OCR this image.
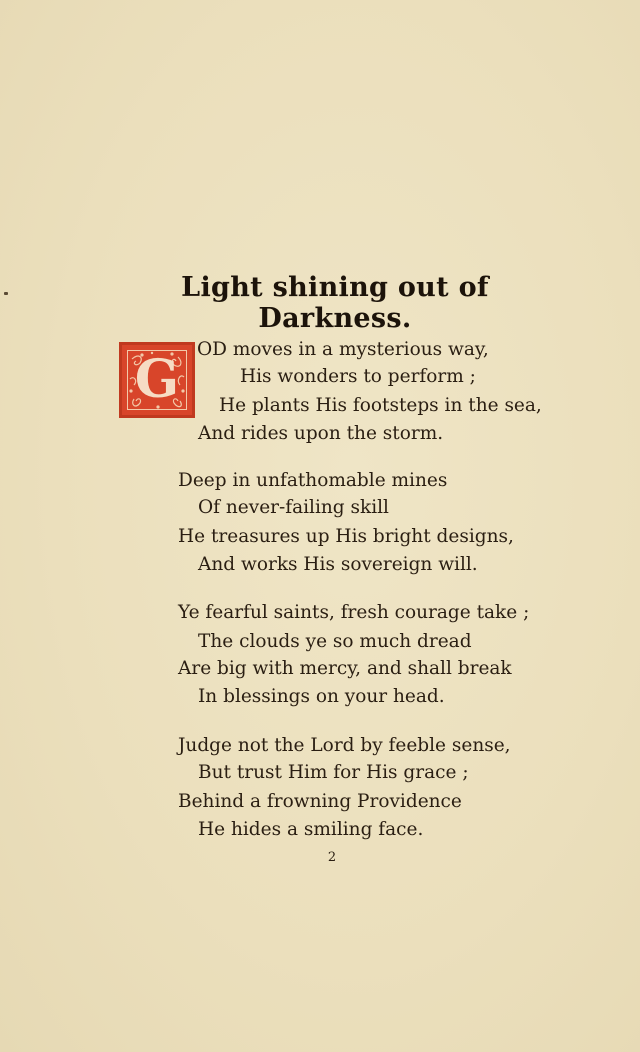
Light shining out of Darkness.
G OD moves in a mysterious way,
His wonders to perform ;
He plants His footsteps in the sea,
And rides upon the storm.
Deep in unfathomable mines
Of never-failing skill
He treasures up His bright designs,
And works His sovereign will.
Ye fearful saints, fresh courage take ;
The clouds ye so much dread
Are big with mercy, and shall break
In blessings on your head.
Judge not the Lord by feeble sense,
But trust Him for His grace ;
Behind a frowning Providence
He hides a smiling face.
2
